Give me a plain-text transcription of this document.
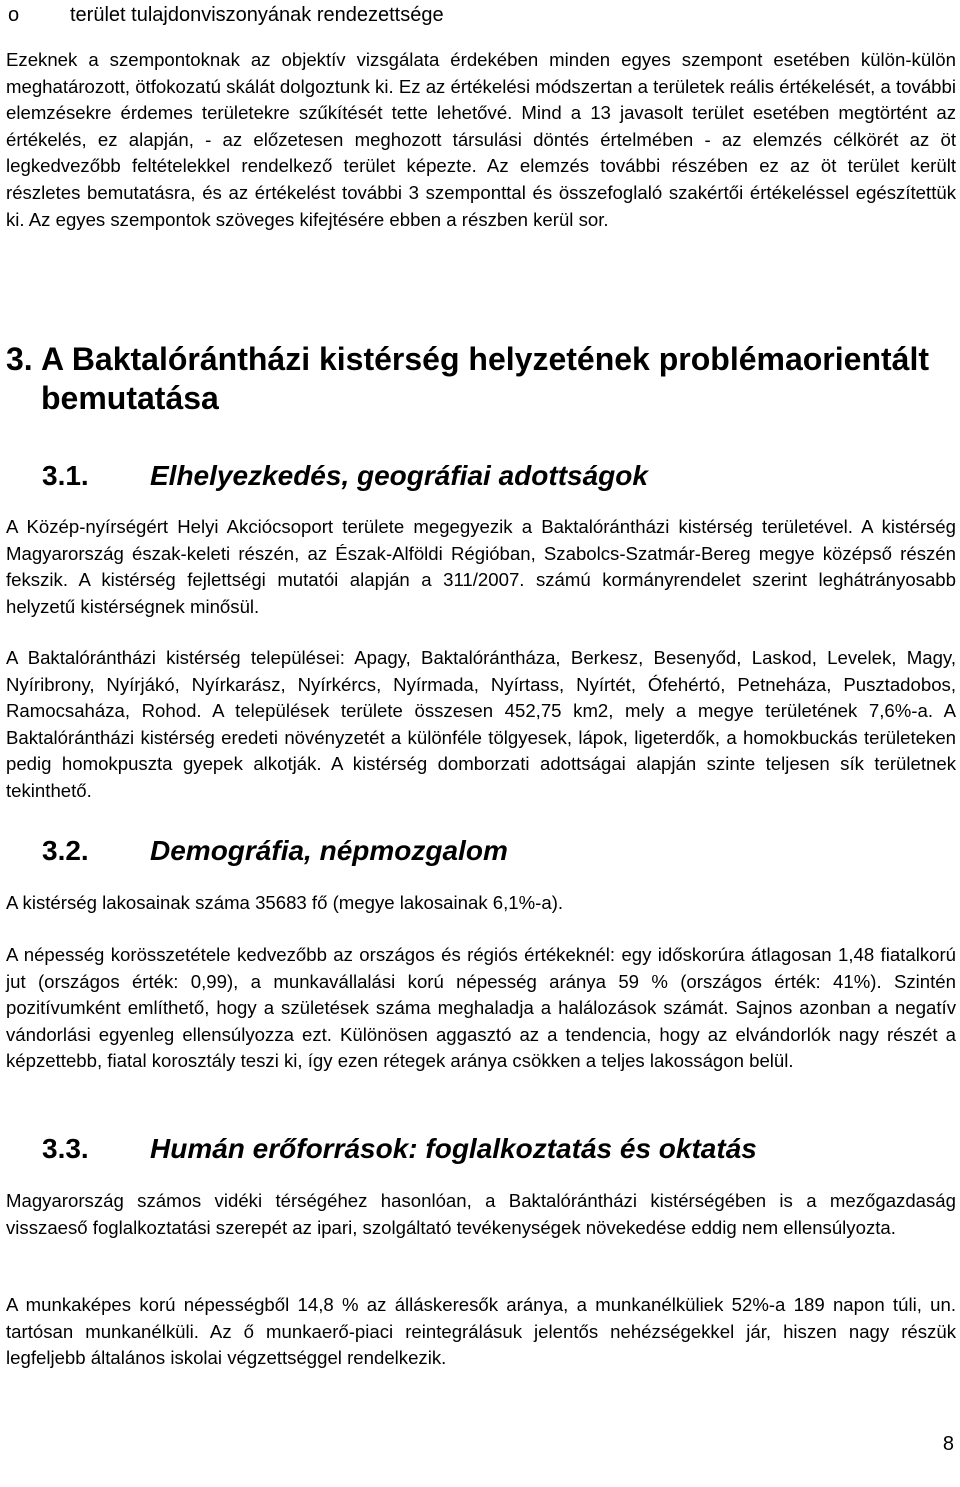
o	terület tulajdonviszonyának rendezettsége

Ezeknek a szempontoknak az objektív vizsgálata érdekében minden egyes szempont esetében külön-külön meghatározott, ötfokozatú skálát dolgoztunk ki. Ez az értékelési módszertan a területek reális értékelését, a további elemzésekre érdemes területekre szűkítését tette lehetővé. Mind a 13 javasolt terület esetében megtörtént az értékelés, ez alapján, - az előzetesen meghozott társulási döntés értelmében - az elemzés célkörét az öt legkedvezőbb feltételekkel rendelkező terület képezte. Az elemzés további részében ez az öt terület került részletes bemutatásra, és az értékelést további 3 szemponttal és összefoglaló szakértői értékeléssel egészítettük ki. Az egyes szempontok szöveges kifejtésére ebben a részben kerül sor.

3. A Baktalórántházi kistérség helyzetének problémaorientált
bemutatása
3.1. Elhelyezkedés, geográfiai adottságok

A Közép-nyírségért Helyi Akciócsoport területe megegyezik a Baktalórántházi kistérség területével. A kistérség Magyarország észak-keleti részén, az Észak-Alföldi Régióban, Szabolcs-Szatmár-Bereg megye középső részén fekszik. A kistérség fejlettségi mutatói alapján a 311/2007. számú kormányrendelet szerint leghátrányosabb helyzetű kistérségnek minősül.

A Baktalórántházi kistérség települései: Apagy, Baktalórántháza, Berkesz, Besenyőd, Laskod, Levelek, Magy, Nyíribrony, Nyírjákó, Nyírkarász, Nyírkércs, Nyírmada, Nyírtass, Nyírtét, Ófehértó, Petneháza, Pusztadobos, Ramocsaháza, Rohod. A települések területe összesen 452,75 km2, mely a megye területének 7,6%-a. A Baktalórántházi kistérség eredeti növényzetét a különféle tölgyesek, lápok, ligeterdők, a homokbuckás területeken pedig homokpuszta gyepek alkotják. A kistérség domborzati adottságai alapján szinte teljesen sík területnek tekinthető.

3.2. Demográfia, népmozgalom

A kistérség lakosainak száma 35683 fő (megye lakosainak 6,1%-a).

A népesség korösszetétele kedvezőbb az országos és régiós értékeknél: egy időskorúra átlagosan 1,48 fiatalkorú jut (országos érték: 0,99), a munkavállalási korú népesség aránya 59 % (országos érték: 41%). Szintén pozitívumként említhető, hogy a születések száma meghaladja a halálozások számát. Sajnos azonban a negatív vándorlási egyenleg ellensúlyozza ezt. Különösen aggasztó az a tendencia, hogy az elvándorlók nagy részét a képzettebb, fiatal korosztály teszi ki, így ezen rétegek aránya csökken a teljes lakosságon belül.

3.3. Humán erőforrások: foglalkoztatás és oktatás

Magyarország számos vidéki térségéhez hasonlóan, a Baktalórántházi kistérségében is a mezőgazdaság visszaeső foglalkoztatási szerepét az ipari, szolgáltató tevékenységek növekedése eddig nem ellensúlyozta.

A munkaképes korú népességből 14,8 % az álláskeresők aránya, a munkanélküliek 52%-a 189 napon túli, un. tartósan munkanélküli. Az ő munkaerő-piaci reintegrálásuk jelentős nehézségekkel jár, hiszen nagy részük legfeljebb általános iskolai végzettséggel rendelkezik.

8
